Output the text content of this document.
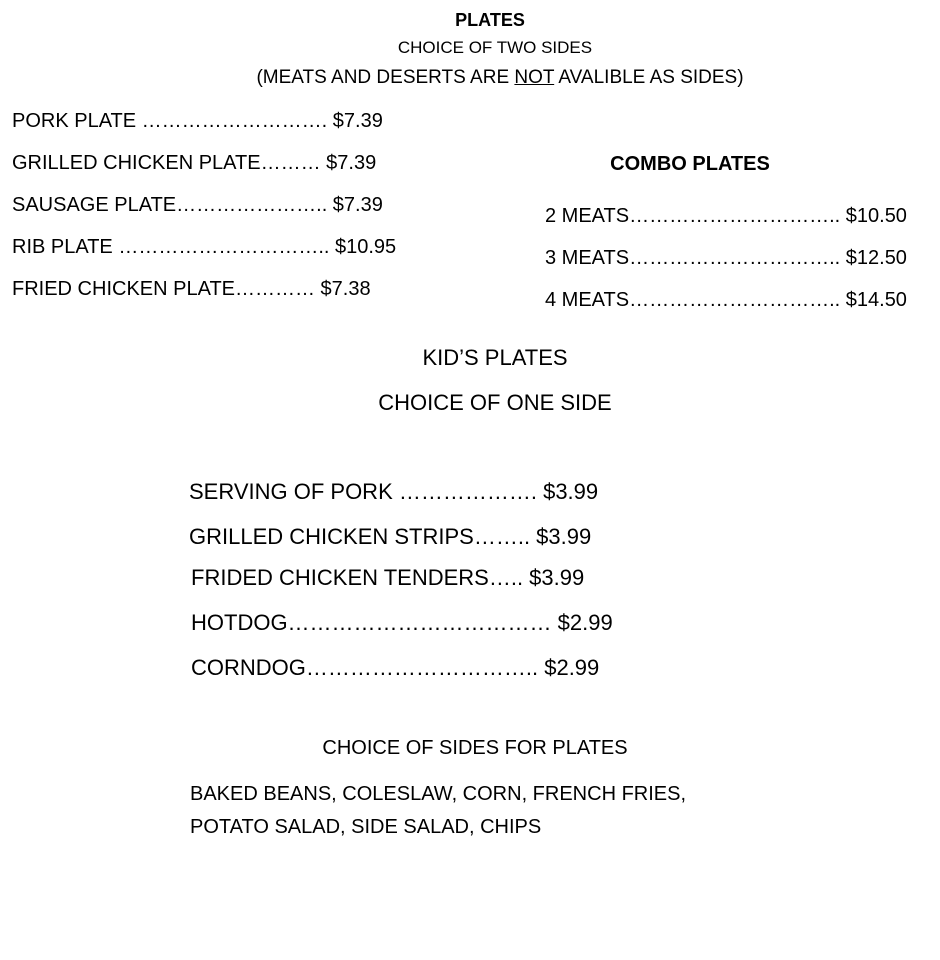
PLATES
CHOICE OF TWO SIDES
(MEATS AND DESERTS ARE NOT AVALIBLE AS SIDES)
PORK PLATE ………………………. $7.39
GRILLED CHICKEN PLATE……… $7.39
SAUSAGE PLATE………………….. $7.39
RIB PLATE ………………………….. $10.95
FRIED CHICKEN PLATE………… $7.38
COMBO PLATES
2 MEATS………………………….. $10.50
3 MEATS………………………….. $12.50
4 MEATS………………………….. $14.50
KID’S PLATES
CHOICE OF ONE SIDE
SERVING OF PORK ………………. $3.99
GRILLED CHICKEN STRIPS…….. $3.99
FRIDED CHICKEN TENDERS….. $3.99
HOTDOG……………………………… $2.99
CORNDOG………………………….. $2.99
CHOICE OF SIDES FOR PLATES
BAKED BEANS, COLESLAW, CORN, FRENCH FRIES, POTATO SALAD, SIDE SALAD, CHIPS
